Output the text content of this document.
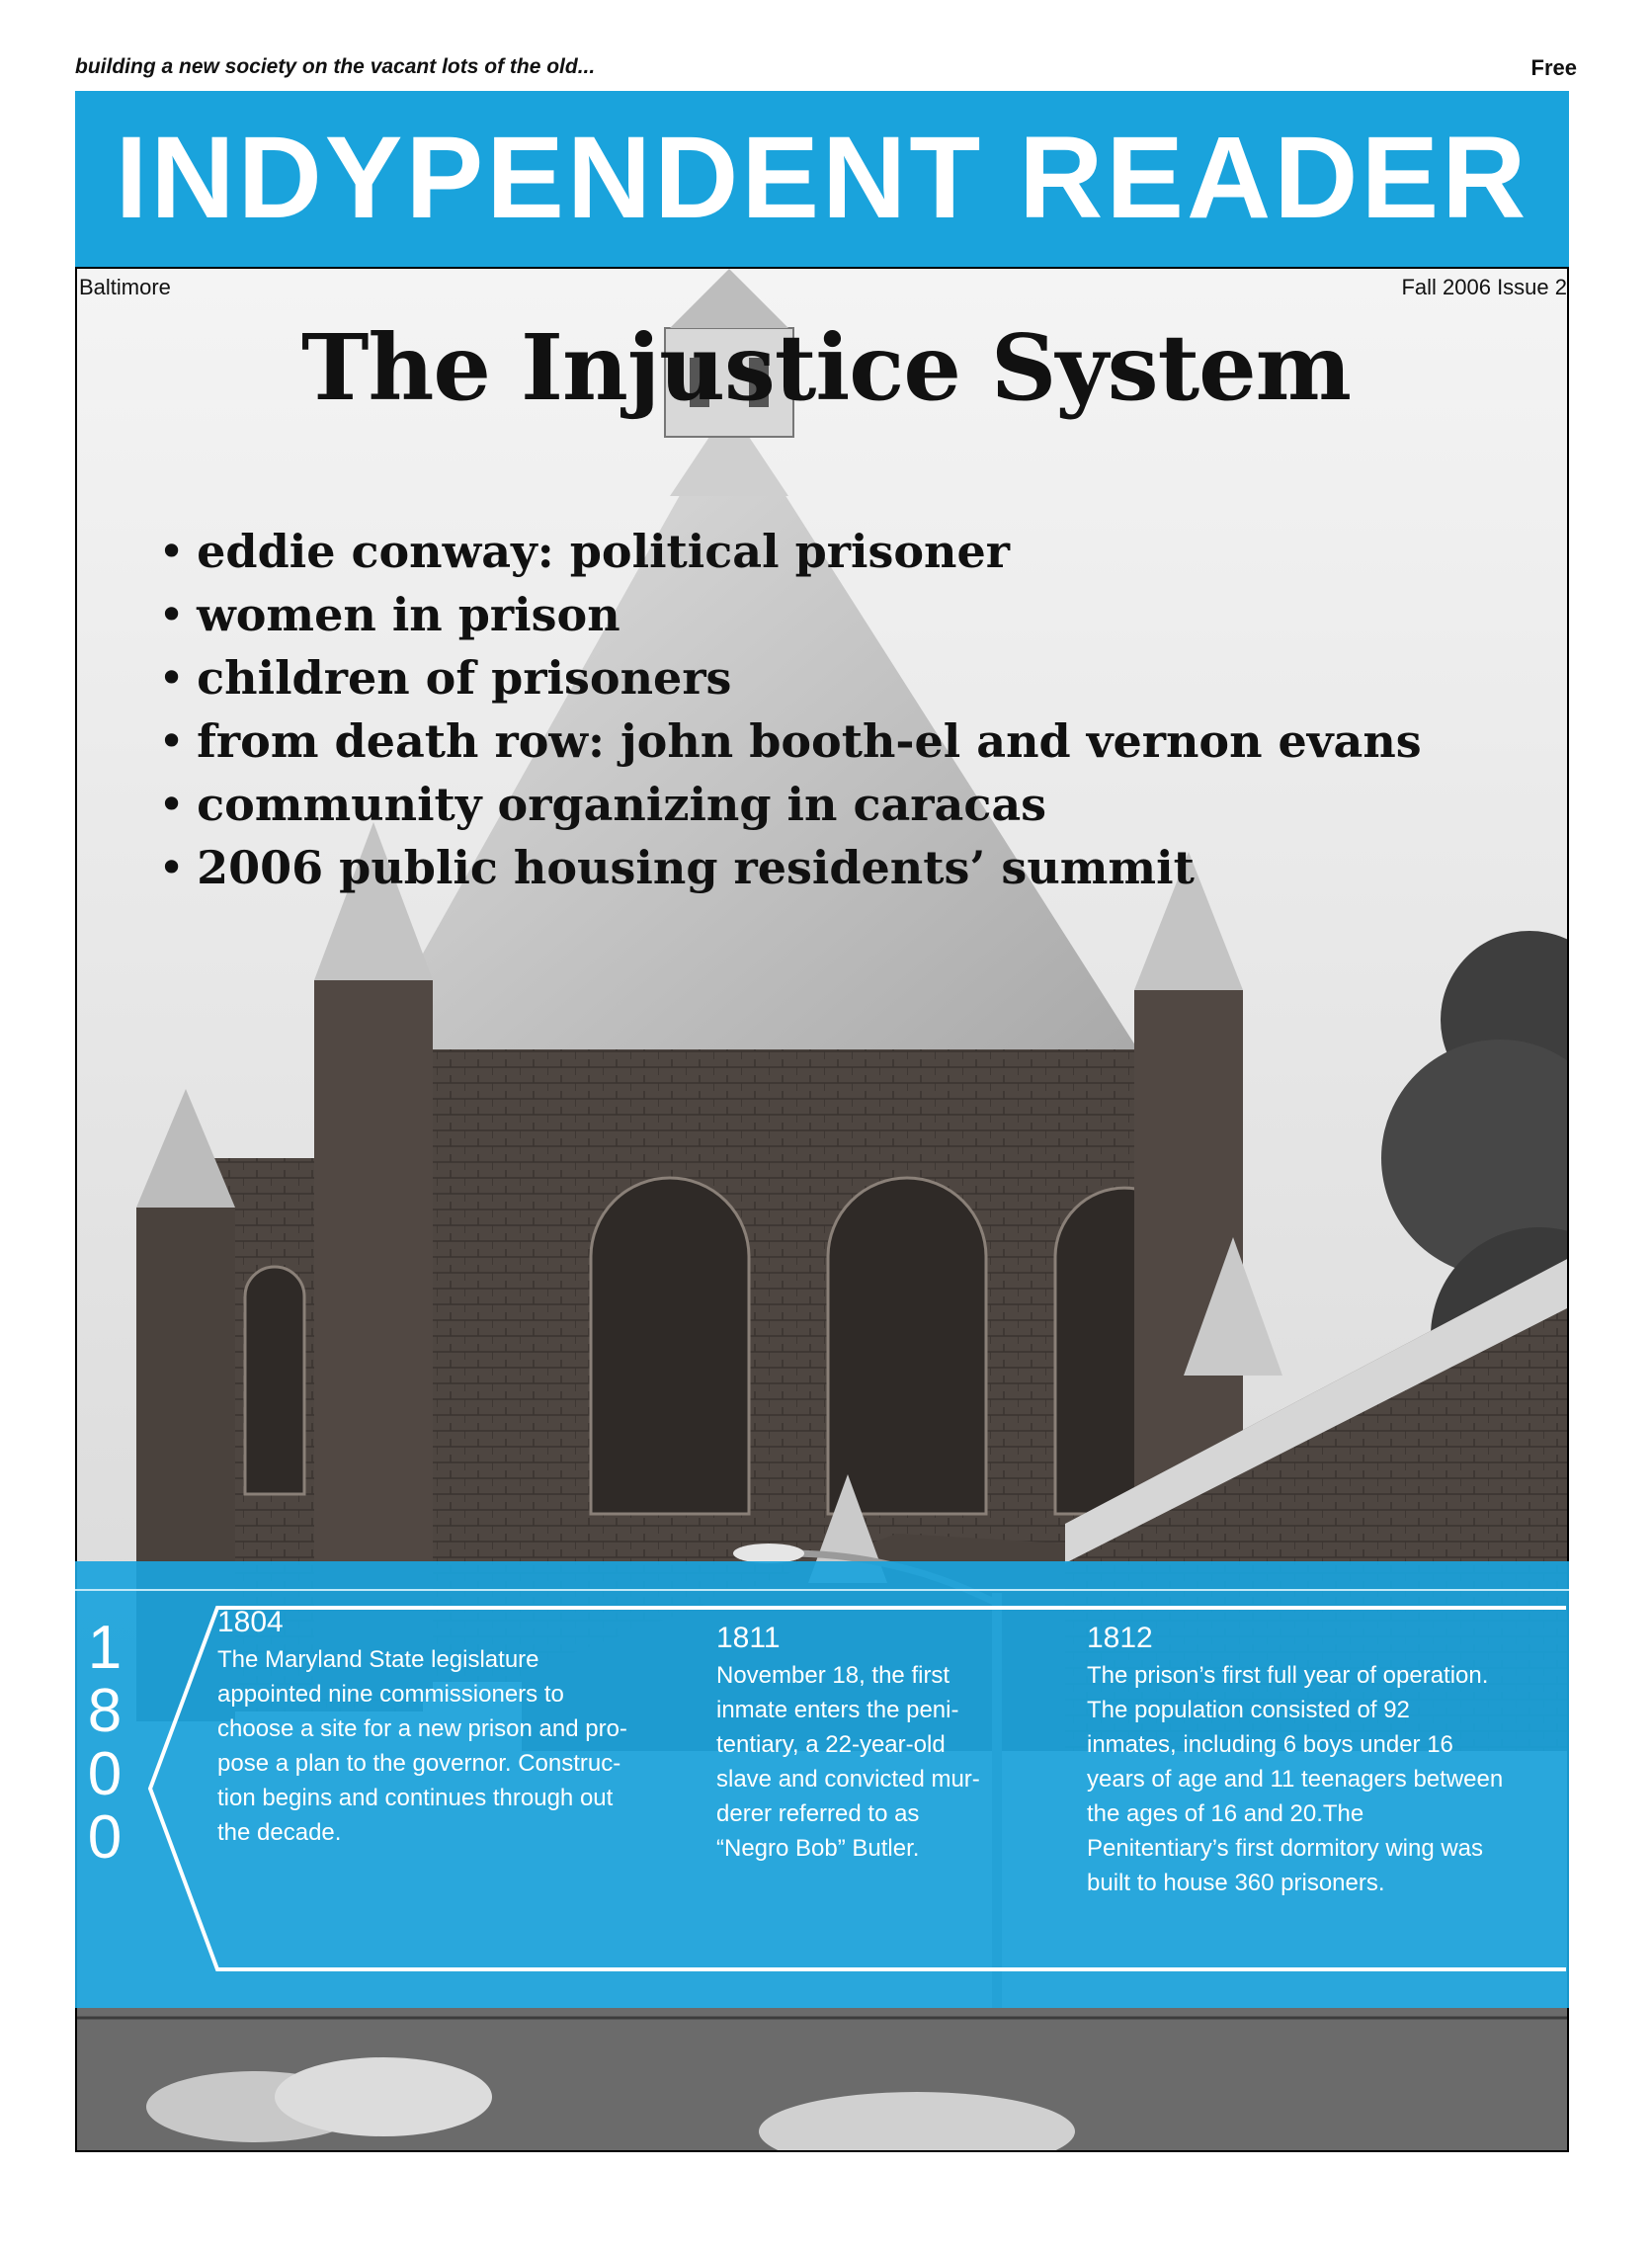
building a new society on the vacant lots of the old...	Free
INDYPENDENT READER
Baltimore	Fall 2006 Issue 2
The Injustice System
• eddie conway: political prisoner
• women in prison
• children of prisoners
• from death row: john booth-el and vernon evans
• community organizing in caracas
• 2006 public housing residents’ summit
1
8
0
0
1804
The Maryland State legislature
appointed nine commissioners to
choose a site for a new prison and pro-
pose a plan to the governor. Construc-
tion begins and continues through out
the decade.
1811
November 18, the first
inmate enters the peni-
tentiary, a 22-year-old
slave and convicted mur-
derer referred to as
“Negro Bob” Butler.
1812
The prison’s first full year of operation.
The population consisted of 92
inmates, including 6 boys under 16
years of age and 11 teenagers between
the ages of 16 and 20.The
Penitentiary’s first dormitory wing was
built to house 360 prisoners.
